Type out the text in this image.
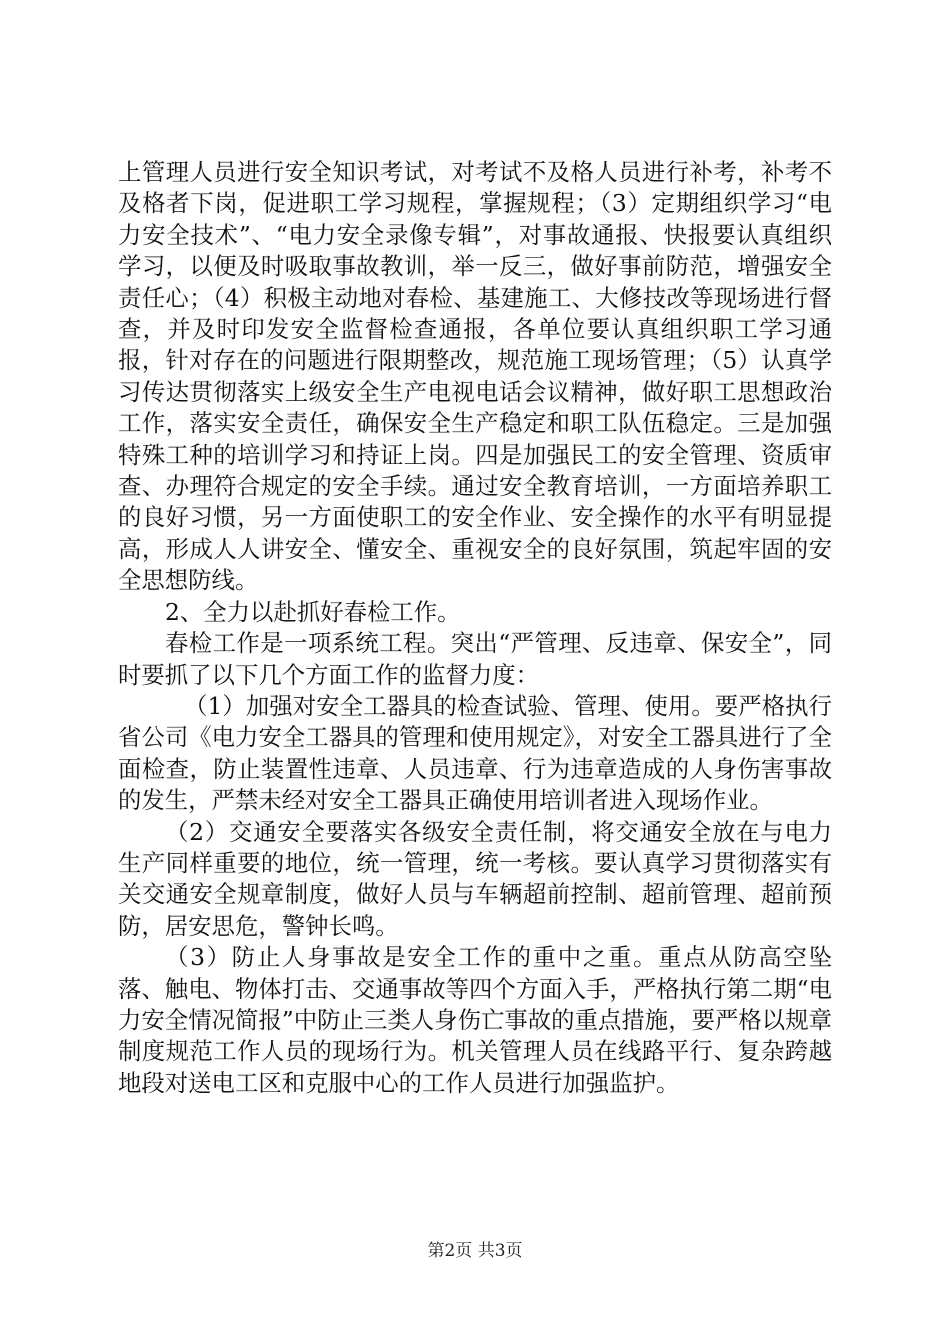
上管理人员进行安全知识考试，对考试不及格人员进行补考，补考不及格者下岗，促进职工学习规程，掌握规程；（3）定期组织学习“电力安全技术”、“电力安全录像专辑”，对事故通报、快报要认真组织学习，以便及时吸取事故教训，举一反三，做好事前防范，增强安全责任心；（4）积极主动地对春检、基建施工、大修技改等现场进行督查，并及时印发安全监督检查通报，各单位要认真组织职工学习通报，针对存在的问题进行限期整改，规范施工现场管理；（5）认真学习传达贯彻落实上级安全生产电视电话会议精神，做好职工思想政治工作，落实安全责任，确保安全生产稳定和职工队伍稳定。三是加强特殊工种的培训学习和持证上岗。四是加强民工的安全管理、资质审查、办理符合规定的安全手续。通过安全教育培训，一方面培养职工的良好习惯，另一方面使职工的安全作业、安全操作的水平有明显提高，形成人人讲安全、懂安全、重视安全的良好氛围，筑起牢固的安全思想防线。

2、全力以赴抓好春检工作。

春检工作是一项系统工程。突出“严管理、反违章、保安全”，同时要抓了以下几个方面工作的监督力度：

（1）加强对安全工器具的检查试验、管理、使用。要严格执行省公司《电力安全工器具的管理和使用规定》，对安全工器具进行了全面检查，防止装置性违章、人员违章、行为违章造成的人身伤害事故的发生，严禁未经对安全工器具正确使用培训者进入现场作业。

（2）交通安全要落实各级安全责任制，将交通安全放在与电力生产同样重要的地位，统一管理，统一考核。要认真学习贯彻落实有关交通安全规章制度，做好人员与车辆超前控制、超前管理、超前预防，居安思危，警钟长鸣。

（3）防止人身事故是安全工作的重中之重。重点从防高空坠落、触电、物体打击、交通事故等四个方面入手，严格执行第二期“电力安全情况简报”中防止三类人身伤亡事故的重点措施，要严格以规章制度规范工作人员的现场行为。机关管理人员在线路平行、复杂跨越地段对送电工区和克服中心的工作人员进行加强监护。

第2页 共3页
